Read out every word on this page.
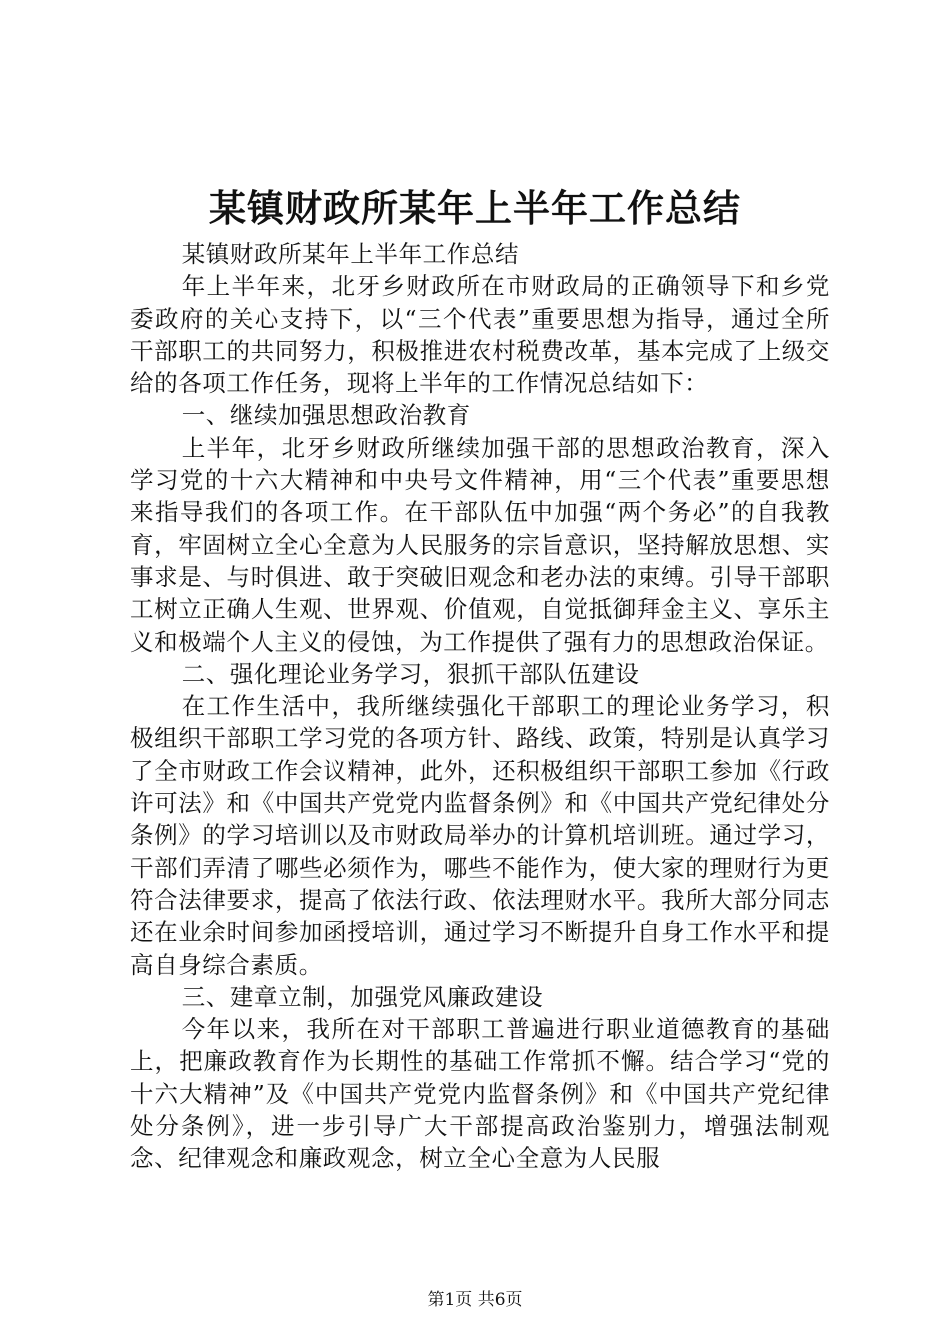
某镇财政所某年上半年工作总结

某镇财政所某年上半年工作总结

年上半年来，北牙乡财政所在市财政局的正确领导下和乡党委政府的关心支持下，以“三个代表”重要思想为指导，通过全所干部职工的共同努力，积极推进农村税费改革，基本完成了上级交给的各项工作任务，现将上半年的工作情况总结如下：

一、继续加强思想政治教育

上半年，北牙乡财政所继续加强干部的思想政治教育，深入学习党的十六大精神和中央号文件精神，用“三个代表”重要思想来指导我们的各项工作。在干部队伍中加强“两个务必”的自我教育，牢固树立全心全意为人民服务的宗旨意识，坚持解放思想、实事求是、与时俱进、敢于突破旧观念和老办法的束缚。引导干部职工树立正确人生观、世界观、价值观，自觉抵御拜金主义、享乐主义和极端个人主义的侵蚀，为工作提供了强有力的思想政治保证。

二、强化理论业务学习，狠抓干部队伍建设

在工作生活中，我所继续强化干部职工的理论业务学习，积极组织干部职工学习党的各项方针、路线、政策，特别是认真学习了全市财政工作会议精神，此外，还积极组织干部职工参加《行政许可法》和《中国共产党党内监督条例》和《中国共产党纪律处分条例》的学习培训以及市财政局举办的计算机培训班。通过学习，干部们弄清了哪些必须作为，哪些不能作为，使大家的理财行为更符合法律要求，提高了依法行政、依法理财水平。我所大部分同志还在业余时间参加函授培训，通过学习不断提升自身工作水平和提高自身综合素质。

三、建章立制，加强党风廉政建设

今年以来，我所在对干部职工普遍进行职业道德教育的基础上，把廉政教育作为长期性的基础工作常抓不懈。结合学习“党的十六大精神”及《中国共产党党内监督条例》和《中国共产党纪律处分条例》，进一步引导广大干部提高政治鉴别力，增强法制观念、纪律观念和廉政观念，树立全心全意为人民服

第1页 共6页
